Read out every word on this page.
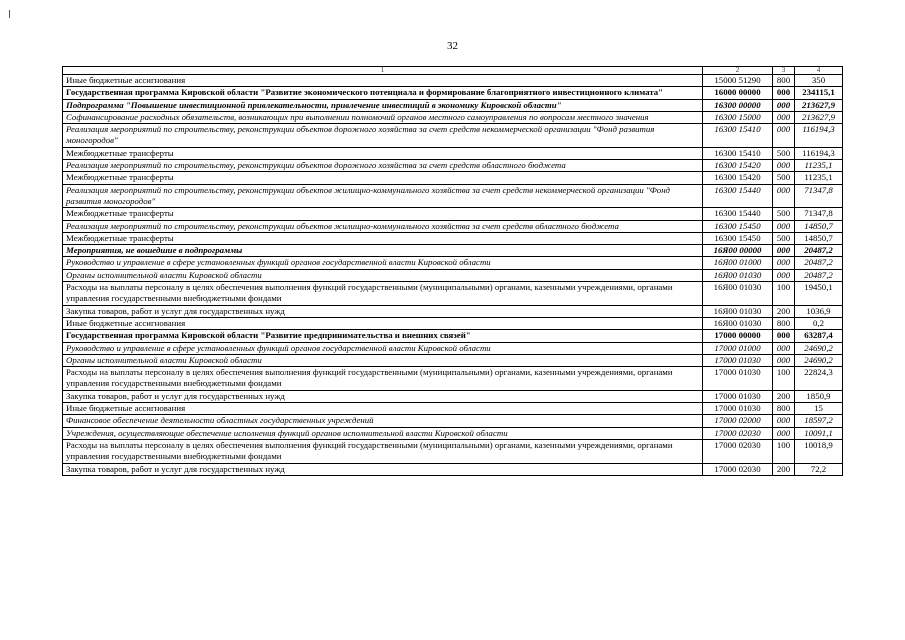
32
1	2	3	4
Иные бюджетные ассигнования	15000 51290	800	350
Государственная программа Кировской области "Развитие экономического потенциала и формирование благоприятного инвестиционного климата"	16000 00000	000	234115,1
Подпрограмма "Повышение инвестиционной привлекательности, привлечение инвестиций в экономику Кировской области"	16300 00000	000	213627,9
Софинансирование расходных обязательств, возникающих при выполнении полномочий органов местного самоуправления по вопросам местного значения	16300 15000	000	213627,9
Реализация мероприятий по строительству, реконструкции объектов дорожного хозяйства за счет средств некоммерческой организации "Фонд развития моногородов"	16300 15410	000	116194,3
Межбюджетные трансферты	16300 15410	500	116194,3
Реализация мероприятий по строительству, реконструкции объектов дорожного хозяйства за счет средств областного бюджета	16300 15420	000	11235,1
Межбюджетные трансферты	16300 15420	500	11235,1
Реализация мероприятий по строительству, реконструкции объектов жилищно-коммунального хозяйства за счет средств некоммерческой организации "Фонд развития моногородов"	16300 15440	000	71347,8
Межбюджетные трансферты	16300 15440	500	71347,8
Реализация мероприятий по строительству, реконструкции объектов жилищно-коммунального хозяйства за счет средств областного бюджета	16300 15450	000	14850,7
Межбюджетные трансферты	16300 15450	500	14850,7
Мероприятия, не вошедшие в подпрограммы	16Я00 00000	000	20487,2
Руководство и управление в сфере установленных функций органов государственной власти Кировской области	16Я00 01000	000	20487,2
Органы исполнительной власти Кировской области	16Я00 01030	000	20487,2
Расходы на выплаты персоналу в целях обеспечения выполнения функций государственными (муниципальными) органами, казенными учреждениями, органами управления государственными внебюджетными фондами	16Я00 01030	100	19450,1
Закупка товаров, работ и услуг для государственных нужд	16Я00 01030	200	1036,9
Иные бюджетные ассигнования	16Я00 01030	800	0,2
Государственная программа Кировской области "Развитие предпринимательства и внешних связей"	17000 00000	000	63287,4
Руководство и управление в сфере установленных функций органов государственной власти Кировской области	17000 01000	000	24690,2
Органы исполнительной власти Кировской области	17000 01030	000	24690,2
Расходы на выплаты персоналу в целях обеспечения выполнения функций государственными (муниципальными) органами, казенными учреждениями, органами управления государственными внебюджетными фондами	17000 01030	100	22824,3
Закупка товаров, работ и услуг для государственных нужд	17000 01030	200	1850,9
Иные бюджетные ассигнования	17000 01030	800	15
Финансовое обеспечение деятельности областных государственных учреждений	17000 02000	000	18597,2
Учреждения, осуществляющие обеспечение исполнения функций органов исполнительной власти Кировской области	17000 02030	000	10091,1
Расходы на выплаты персоналу в целях обеспечения выполнения функций государственными (муниципальными) органами, казенными учреждениями, органами управления государственными внебюджетными фондами	17000 02030	100	10018,9
Закупка товаров, работ и услуг для государственных нужд	17000 02030	200	72,2
